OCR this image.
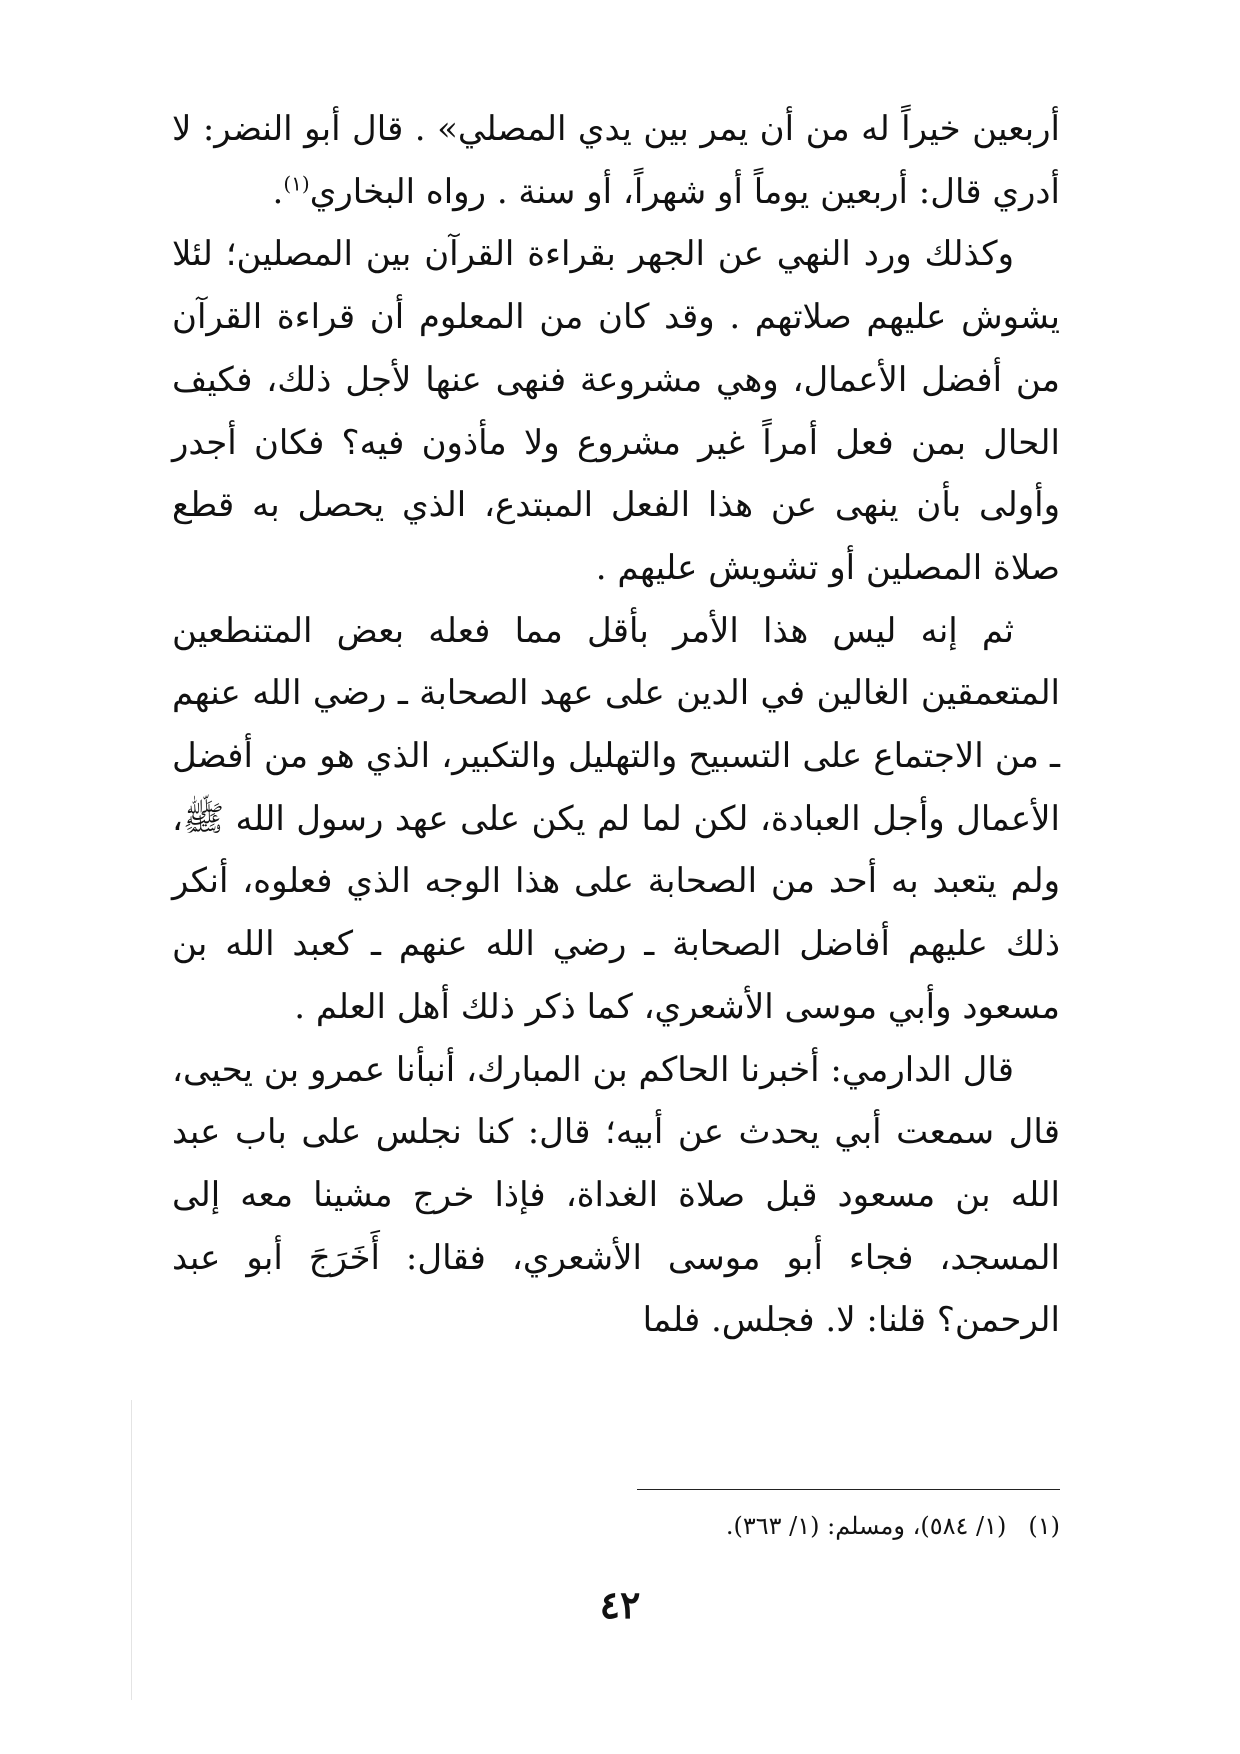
أربعين خيراً له من أن يمر بين يدي المصلي» . قال أبو النضر: لا أدري قال: أربعين يوماً أو شهراً، أو سنة . رواه البخاري$^{(١)}$.

وكذلك ورد النهي عن الجهر بقراءة القرآن بين المصلين؛ لئلا يشوش عليهم صلاتهم . وقد كان من المعلوم أن قراءة القرآن من أفضل الأعمال، وهي مشروعة فنهى عنها لأجل ذلك، فكيف الحال بمن فعل أمراً غير مشروع ولا مأذون فيه؟ فكان أجدر وأولى بأن ينهى عن هذا الفعل المبتدع، الذي يحصل به قطع صلاة المصلين أو تشويش عليهم .

ثم إنه ليس هذا الأمر بأقل مما فعله بعض المتنطعين المتعمقين الغالين في الدين على عهد الصحابة ـ رضي الله عنهم ـ من الاجتماع على التسبيح والتهليل والتكبير، الذي هو من أفضل الأعمال وأجل العبادة، لكن لما لم يكن على عهد رسول الله ﷺ، ولم يتعبد به أحد من الصحابة على هذا الوجه الذي فعلوه، أنكر ذلك عليهم أفاضل الصحابة ـ رضي الله عنهم ـ كعبد الله بن مسعود وأبي موسى الأشعري، كما ذكر ذلك أهل العلم .

قال الدارمي: أخبرنا الحاكم بن المبارك، أنبأنا عمرو بن يحيى، قال سمعت أبي يحدث عن أبيه؛ قال: كنا نجلس على باب عبد الله بن مسعود قبل صلاة الغداة، فإذا خرج مشينا معه إلى المسجد، فجاء أبو موسى الأشعري، فقال: أَخَرَجَ أبو عبد الرحمن؟ قلنا: لا. فجلس. فلما

(١)(١/ ٥٨٤)، ومسلم: (١/ ٣٦٣).
٤٢
